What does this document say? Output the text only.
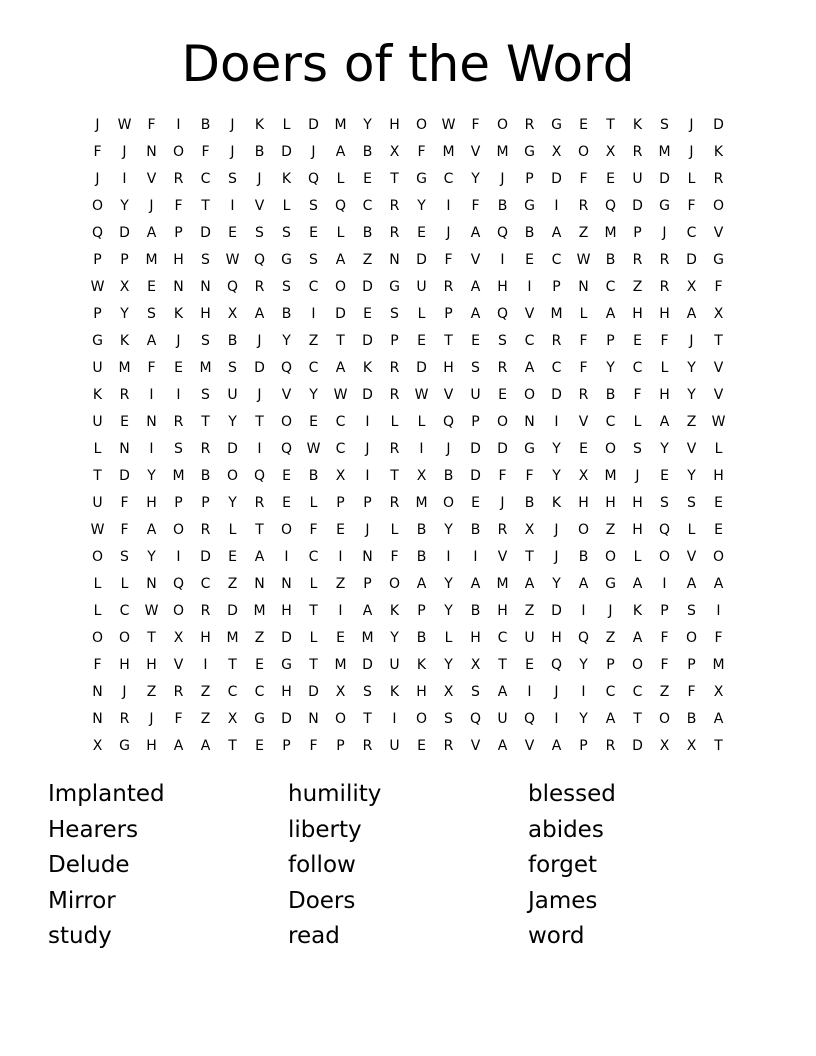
Doers of the Word
J	W	F	I	B	J	K	L	D	M	Y	H	O	W	F	O	R	G	E	T	K	S	J	D
F	J	N	O	F	J	B	D	J	A	B	X	F	M	V	M	G	X	O	X	R	M	J	K
J	I	V	R	C	S	J	K	Q	L	E	T	G	C	Y	J	P	D	F	E	U	D	L	R
O	Y	J	F	T	I	V	L	S	Q	C	R	Y	I	F	B	G	I	R	Q	D	G	F	O
Q	D	A	P	D	E	S	S	E	L	B	R	E	J	A	Q	B	A	Z	M	P	J	C	V
P	P	M	H	S	W	Q	G	S	A	Z	N	D	F	V	I	E	C	W	B	R	R	D	G
W	X	E	N	N	Q	R	S	C	O	D	G	U	R	A	H	I	P	N	C	Z	R	X	F
P	Y	S	K	H	X	A	B	I	D	E	S	L	P	A	Q	V	M	L	A	H	H	A	X
G	K	A	J	S	B	J	Y	Z	T	D	P	E	T	E	S	C	R	F	P	E	F	J	T
U	M	F	E	M	S	D	Q	C	A	K	R	D	H	S	R	A	C	F	Y	C	L	Y	V
K	R	I	I	S	U	J	V	Y	W	D	R	W	V	U	E	O	D	R	B	F	H	Y	V
U	E	N	R	T	Y	T	O	E	C	I	L	L	Q	P	O	N	I	V	C	L	A	Z	W
L	N	I	S	R	D	I	Q	W	C	J	R	I	J	D	D	G	Y	E	O	S	Y	V	L
T	D	Y	M	B	O	Q	E	B	X	I	T	X	B	D	F	F	Y	X	M	J	E	Y	H
U	F	H	P	P	Y	R	E	L	P	P	R	M	O	E	J	B	K	H	H	H	S	S	E
W	F	A	O	R	L	T	O	F	E	J	L	B	Y	B	R	X	J	O	Z	H	Q	L	E
O	S	Y	I	D	E	A	I	C	I	N	F	B	I	I	V	T	J	B	O	L	O	V	O
L	L	N	Q	C	Z	N	N	L	Z	P	O	A	Y	A	M	A	Y	A	G	A	I	A	A
L	C	W	O	R	D	M	H	T	I	A	K	P	Y	B	H	Z	D	I	J	K	P	S	I
O	O	T	X	H	M	Z	D	L	E	M	Y	B	L	H	C	U	H	Q	Z	A	F	O	F
F	H	H	V	I	T	E	G	T	M	D	U	K	Y	X	T	E	Q	Y	P	O	F	P	M
N	J	Z	R	Z	C	C	H	D	X	S	K	H	X	S	A	I	J	I	C	C	Z	F	X
N	R	J	F	Z	X	G	D	N	O	T	I	O	S	Q	U	Q	I	Y	A	T	O	B	A
X	G	H	A	A	T	E	P	F	P	R	U	E	R	V	A	V	A	P	R	D	X	X	T
Implanted	humility	blessed
Hearers	liberty	abides
Delude	follow	forget
Mirror	Doers	James
study	read	word
